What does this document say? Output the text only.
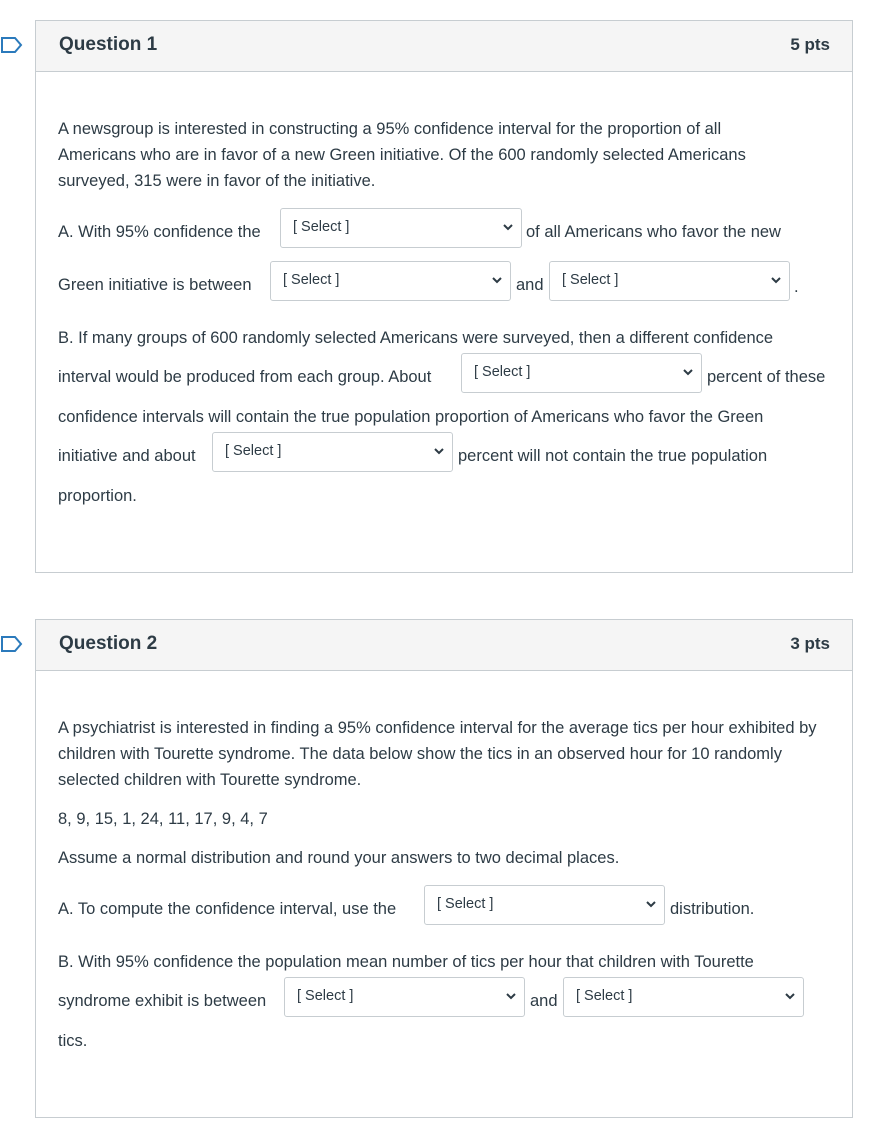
Question 1	5 pts

A newsgroup is interested in constructing a 95% confidence interval for the proportion of all Americans who are in favor of a new Green initiative. Of the 600 randomly selected Americans surveyed, 315 were in favor of the initiative.

A. With 95% confidence the [ Select ]	of all Americans who favor the new
Green initiative is between [ Select ]	and [ Select ]	.
B. If many groups of 600 randomly selected Americans were surveyed, then a different confidence
interval would be produced from each group. About	[ Select ]	percent of these
confidence intervals will contain the true population proportion of Americans who favor the Green
initiative and about [ Select ]	percent will not contain the true population
proportion.
Question 2	3 pts

A psychiatrist is interested in finding a 95% confidence interval for the average tics per hour exhibited by children with Tourette syndrome. The data below show the tics in an observed hour for 10 randomly selected children with Tourette syndrome.

8, 9, 15, 1, 24, 11, 17, 9, 4, 7

Assume a normal distribution and round your answers to two decimal places.

A. To compute the confidence interval, use the	[ Select ]	distribution.
B. With 95% confidence the population mean number of tics per hour that children with Tourette
syndrome exhibit is between [ Select ]	and [ Select ]
tics.
